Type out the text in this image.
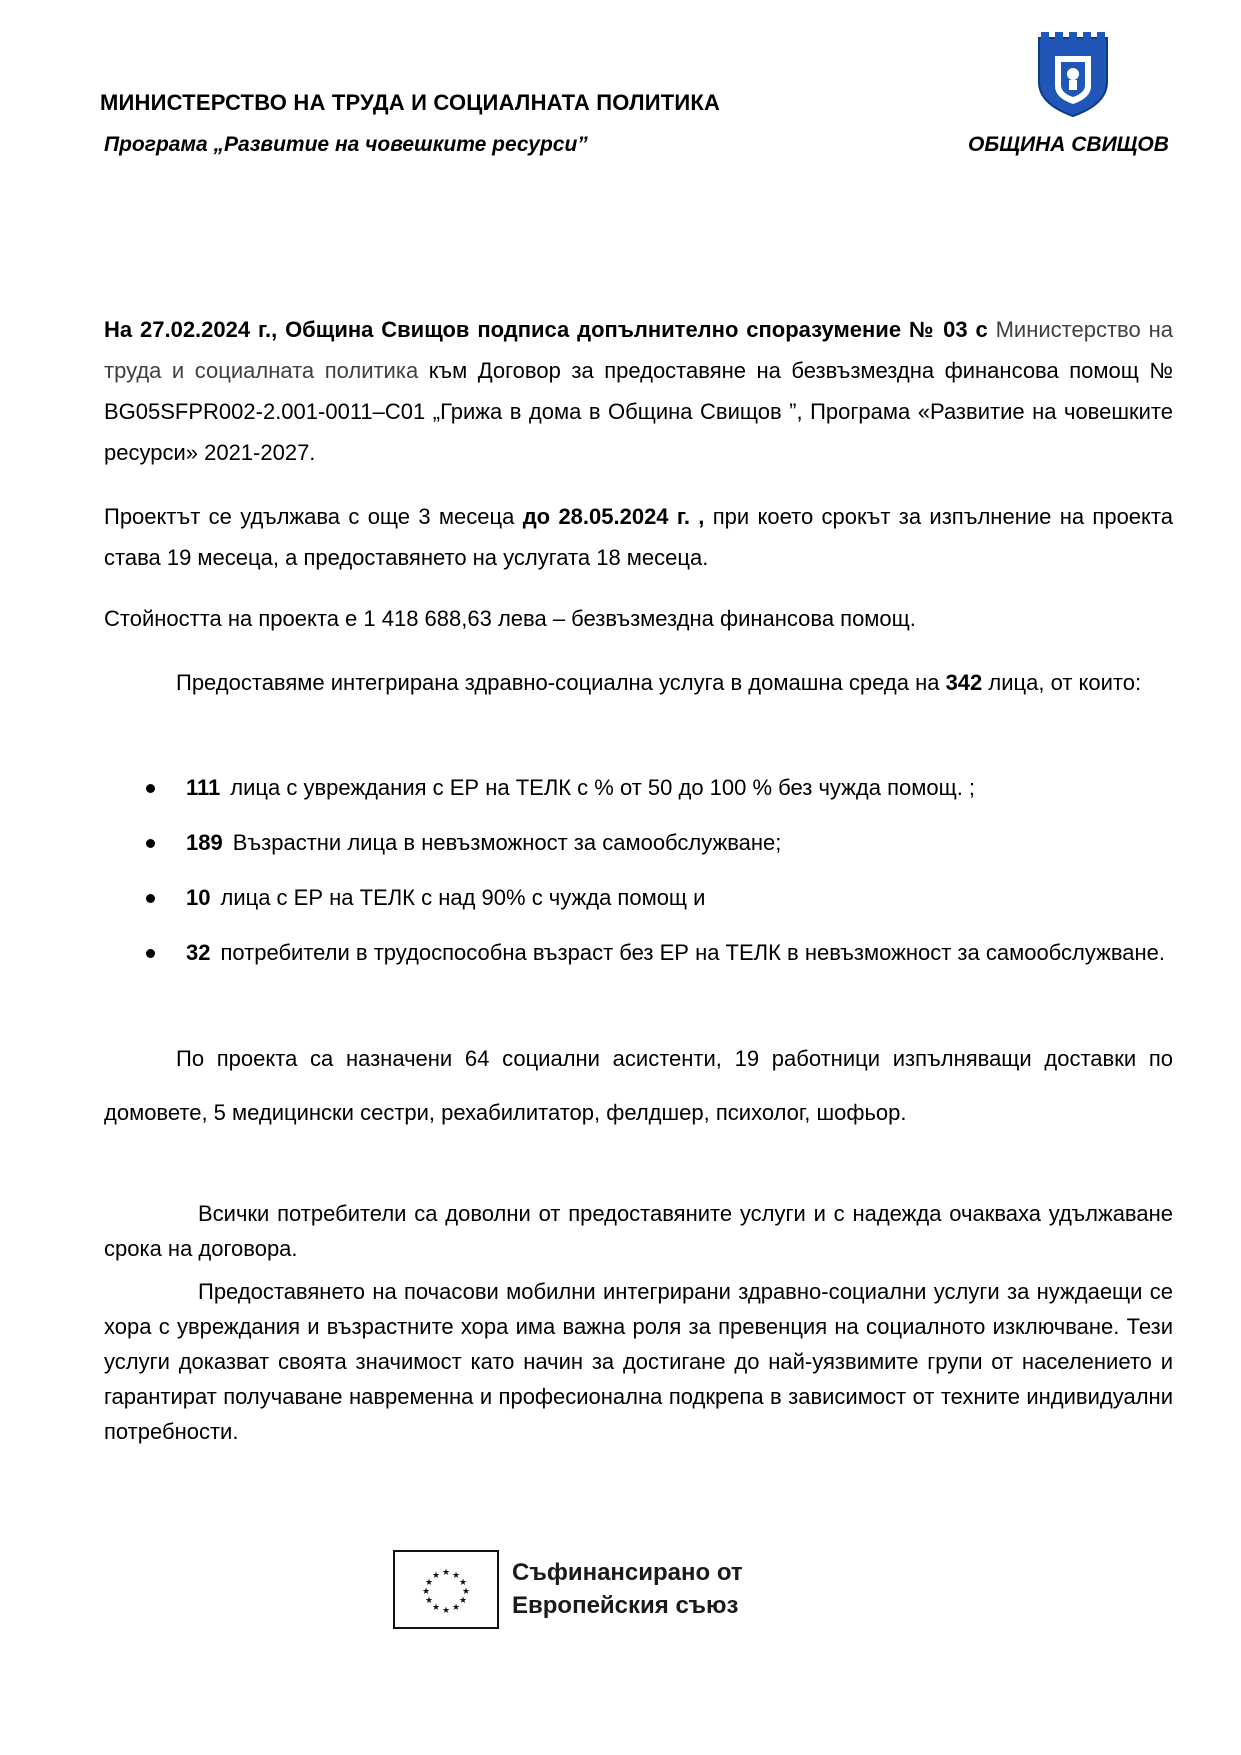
МИНИСТЕРСТВО НА ТРУДА И СОЦИАЛНАТА ПОЛИТИКА
Програма „Развитие на човешките ресурси”	ОБЩИНА СВИЩОВ
На 27.02.2024 г., Община Свищов подписа допълнително споразумение № 03 с Министерство на труда и социалната политика към Договор за предоставяне на безвъзмездна финансова помощ № BG05SFPR002-2.001-0011–C01 „Грижа в дома в Община Свищов ”, Програма «Развитие на човешките ресурси» 2021-2027.
Проектът се удължава с още 3 месеца до 28.05.2024 г. , при което срокът за изпълнение на проекта става 19 месеца, а предоставянето на услугата 18 месеца.
Стойността на проекта е 1 418 688,63 лева – безвъзмездна финансова помощ.
Предоставяме интегрирана здравно-социална услуга в домашна среда на 342 лица, от които:
111 лица с увреждания с ЕР на ТЕЛК с % от 50 до 100 % без чужда помощ. ;
189 Възрастни лица в невъзможност за самообслужване;
10 лица с ЕР на ТЕЛК с над 90% с чужда помощ и
32 потребители в трудоспособна възраст без ЕР на ТЕЛК в невъзможност за самообслужване.
По проекта са назначени 64 социални асистенти, 19 работници изпълняващи доставки по домовете, 5 медицински сестри, рехабилитатор, фелдшер, психолог, шофьор.
Всички потребители са доволни от предоставяните услуги и с надежда очакваха удължаване срока на договора.
Предоставянето на почасови мобилни интегрирани здравно-социални услуги за нуждаещи се хора с увреждания и възрастните хора има важна роля за превенция на социалното изключване. Тези услуги доказват своята значимост като начин за достигане до най-уязвимите групи от населението и гарантират получаване навременна и професионална подкрепа в зависимост от техните индивидуални потребности.
★ ★
★
★
★
★
★
★
★
★
★
★	Съфинансирано от
Европейския съюз
